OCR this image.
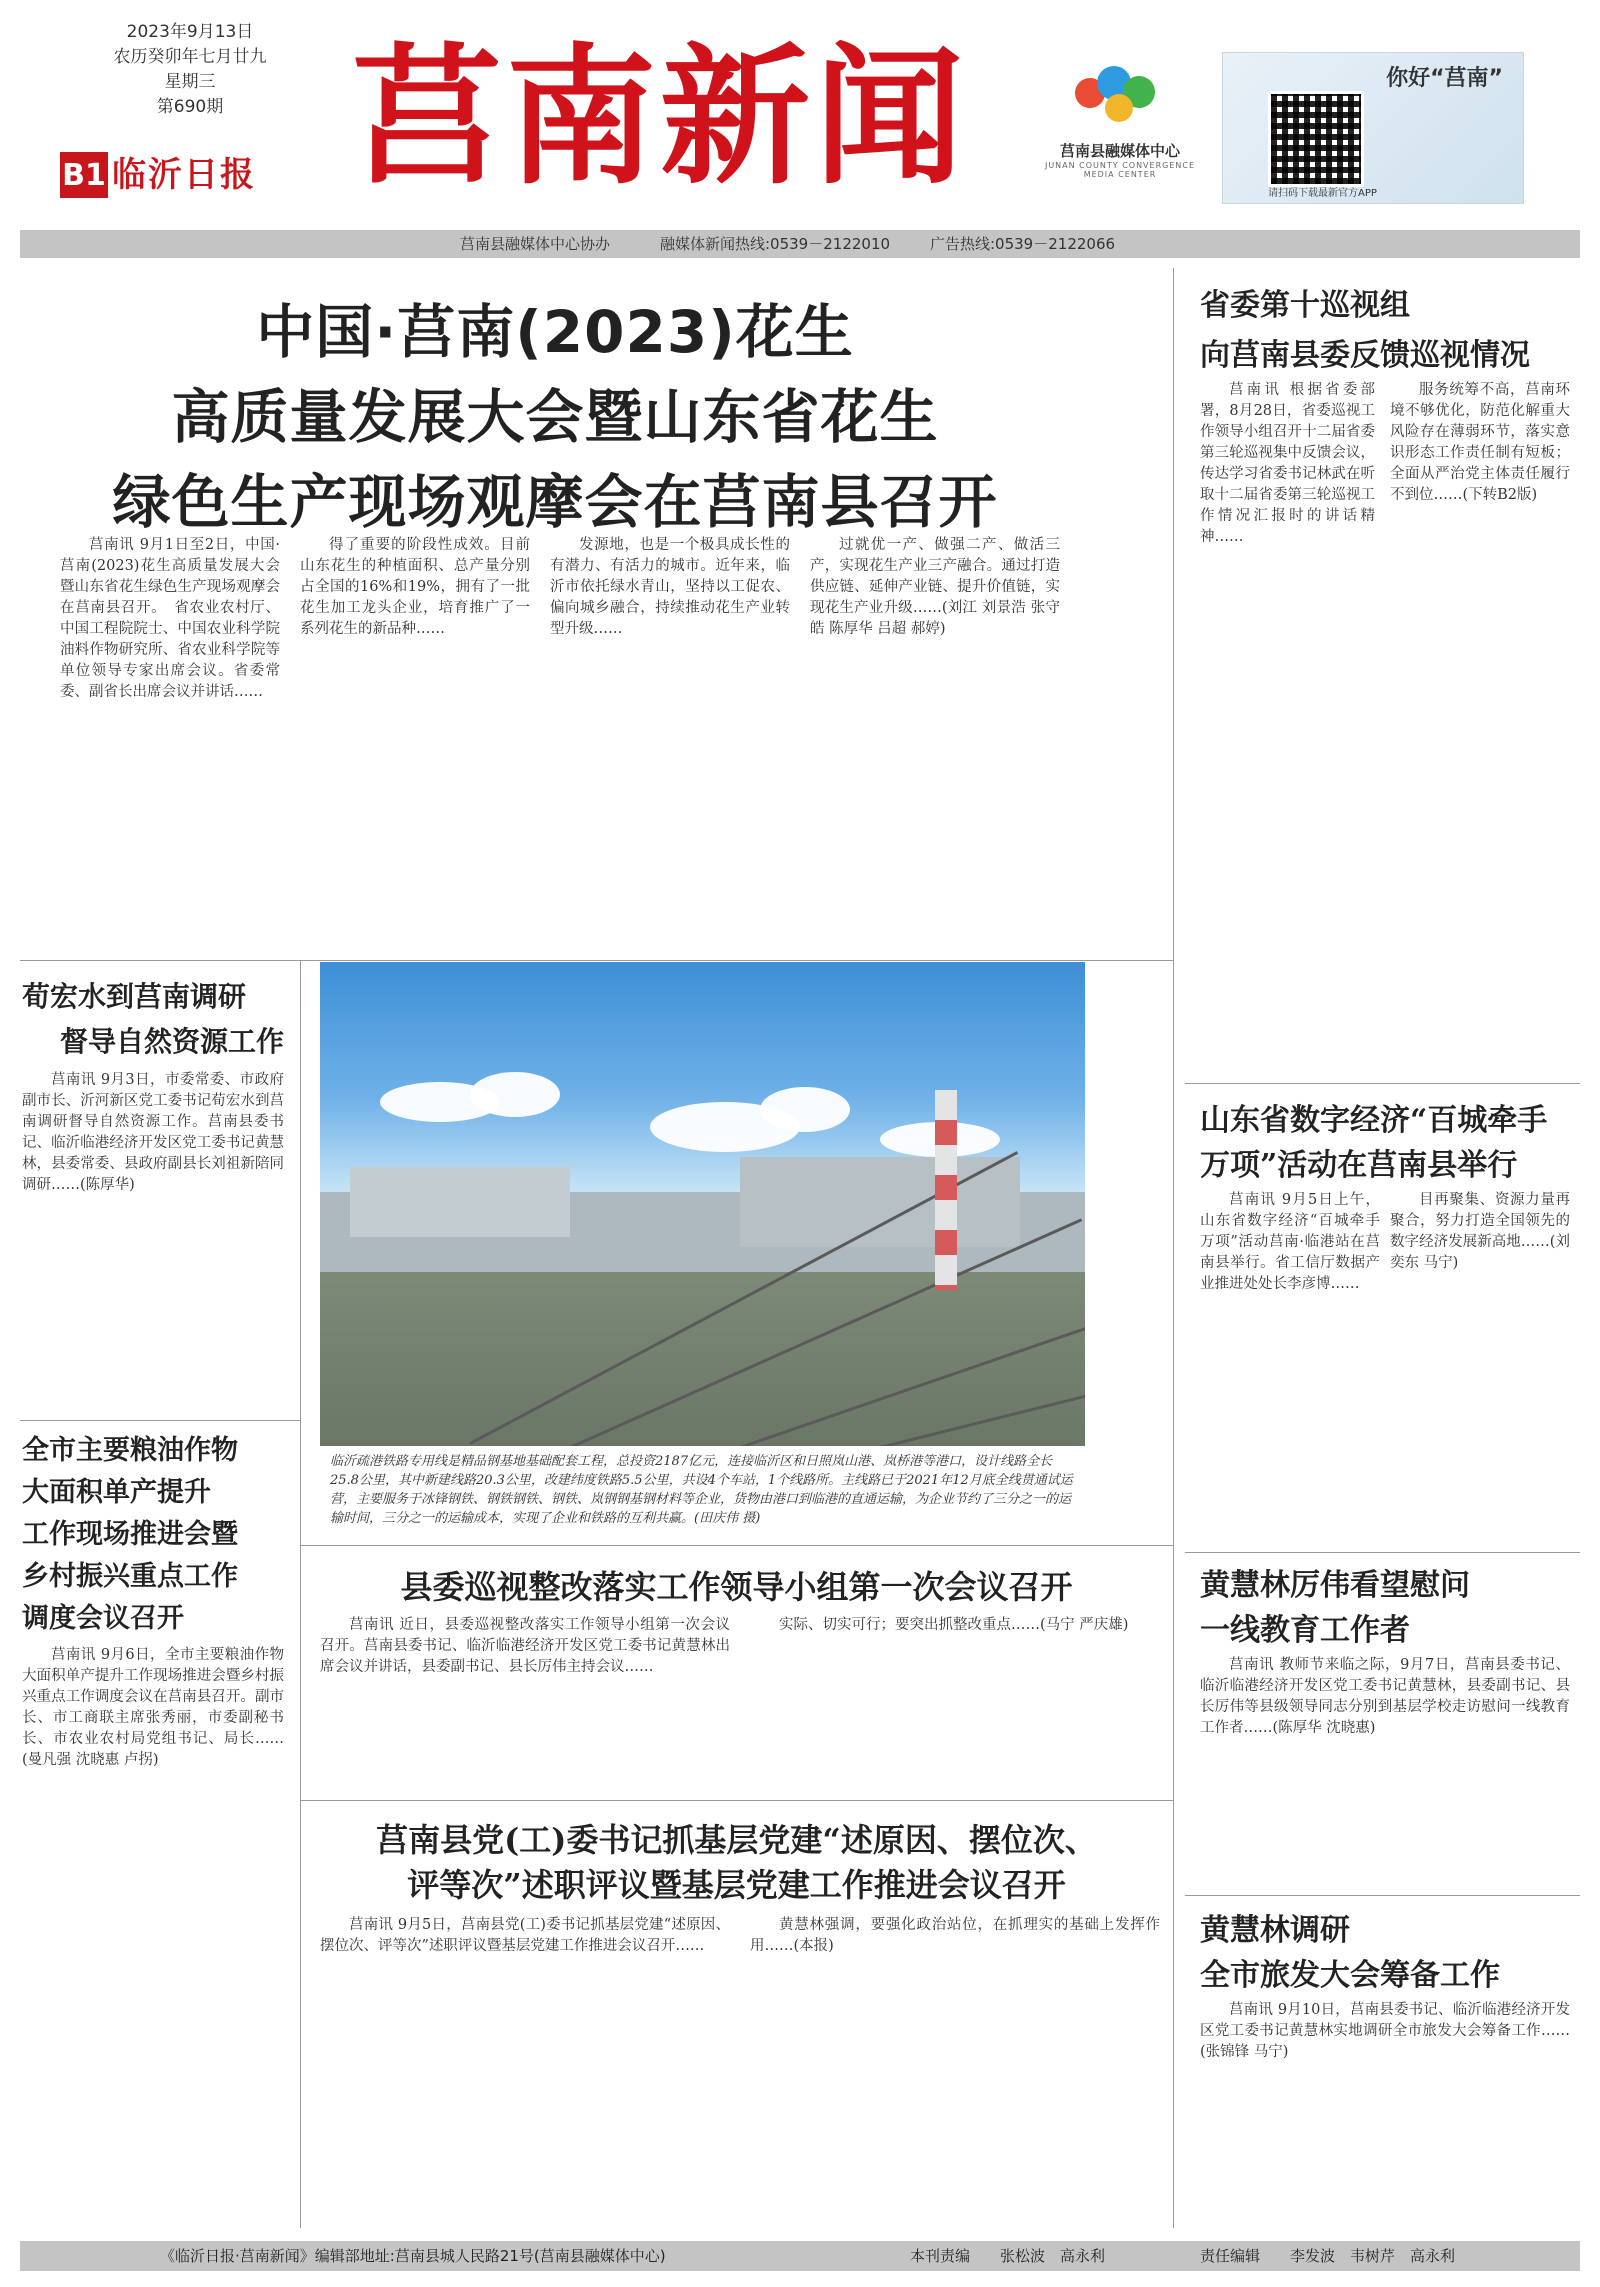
2023年9月13日
农历癸卯年七月廿九
星期三
第690期
B1 临沂日报 莒南新闻	莒南县融媒体中心
JUNAN COUNTY CONVERGENCE MEDIA CENTER
你好“莒南”
请扫码下载最新官方APP
莒南县融媒体中心协办	融媒体新闻热线:0539－2122010	广告热线:0539－2122066
中国·莒南(2023)花生
高质量发展大会暨山东省花生
绿色生产现场观摩会在莒南县召开

莒南讯 9月1日至2日，中国·莒南(2023)花生高质量发展大会暨山东省花生绿色生产现场观摩会在莒南县召开。　省农业农村厅、中国工程院院士、中国农业科学院油料作物研究所、省农业科学院等单位领导专家出席会议。省委常委、副省长出席会议并讲话……

得了重要的阶段性成效。目前山东花生的种植面积、总产量分别占全国的16%和19%，拥有了一批花生加工龙头企业，培育推广了一系列花生的新品种……

发源地，也是一个极具成长性的有潜力、有活力的城市。近年来，临沂市依托绿水青山，坚持以工促农、偏向城乡融合，持续推动花生产业转型升级……

过就优一产、做强二产、做活三产，实现花生产业三产融合。通过打造供应链、延伸产业链、提升价值链，实现花生产业升级……(刘江 刘景浩 张守皓 陈厚华 吕超 郝婷)

省委第十巡视组
向莒南县委反馈巡视情况

莒南讯 根据省委部署，8月28日，省委巡视工作领导小组召开十二届省委第三轮巡视集中反馈会议，传达学习省委书记林武在听取十二届省委第三轮巡视工作情况汇报时的讲话精神……

服务统筹不高，莒南环境不够优化，防范化解重大风险存在薄弱环节，落实意识形态工作责任制有短板；全面从严治党主体责任履行不到位……(下转B2版)

山东省数字经济“百城牵手
万项”活动在莒南县举行

莒南讯 9月5日上午，山东省数字经济“百城牵手万项”活动莒南·临港站在莒南县举行。省工信厅数据产业推进处处长李彦博……

目再聚集、资源力量再聚合，努力打造全国领先的数字经济发展新高地……(刘奕东 马宁)

黄慧林厉伟看望慰问
一线教育工作者

莒南讯 教师节来临之际，9月7日，莒南县委书记、临沂临港经济开发区党工委书记黄慧林，县委副书记、县长厉伟等县级领导同志分别到基层学校走访慰问一线教育工作者……(陈厚华 沈晓惠)

黄慧林调研
全市旅发大会筹备工作

莒南讯 9月10日，莒南县委书记、临沂临港经济开发区党工委书记黄慧林实地调研全市旅发大会筹备工作……(张锦锋 马宁)

荀宏水到莒南调研
督导自然资源工作

莒南讯 9月3日，市委常委、市政府副市长、沂河新区党工委书记荀宏水到莒南调研督导自然资源工作。莒南县委书记、临沂临港经济开发区党工委书记黄慧林，县委常委、县政府副县长刘祖新陪同调研……(陈厚华)

全市主要粮油作物
大面积单产提升
工作现场推进会暨
乡村振兴重点工作
调度会议召开

莒南讯 9月6日，全市主要粮油作物大面积单产提升工作现场推进会暨乡村振兴重点工作调度会议在莒南县召开。副市长、市工商联主席张秀丽，市委副秘书长、市农业农村局党组书记、局长……(曼凡强 沈晓惠 卢拐)

临沂疏港铁路专用线是精品钢基地基础配套工程，总投资2187亿元，连接临沂区和日照岚山港、岚桥港等港口，设计线路全长25.8公里，其中新建线路20.3公里，改建纬度铁路5.5公里，共设4个车站，1个线路所。主线路已于2021年12月底全线贯通试运营，主要服务于冰锋钢铁、钢铁钢铁、钢铁、岚钢钢基钢材料等企业，货物由港口到临港的直通运输，为企业节约了三分之一的运输时间，三分之一的运输成本，实现了企业和铁路的互利共赢。(田庆伟 摄)
县委巡视整改落实工作领导小组第一次会议召开

莒南讯 近日，县委巡视整改落实工作领导小组第一次会议召开。莒南县委书记、临沂临港经济开发区党工委书记黄慧林出席会议并讲话，县委副书记、县长厉伟主持会议……

实际、切实可行；要突出抓整改重点……(马宁 严庆雄)

莒南县党(工)委书记抓基层党建“述原因、摆位次、
评等次”述职评议暨基层党建工作推进会议召开

莒南讯 9月5日，莒南县党(工)委书记抓基层党建“述原因、摆位次、评等次”述职评议暨基层党建工作推进会议召开……

黄慧林强调，要强化政治站位，在抓理实的基础上发挥作用……(本报)

《临沂日报·莒南新闻》编辑部地址:莒南县城人民路21号(莒南县融媒体中心)	本刊责编 张松波　高永利	责任编辑 李发波　韦树芹　高永利
